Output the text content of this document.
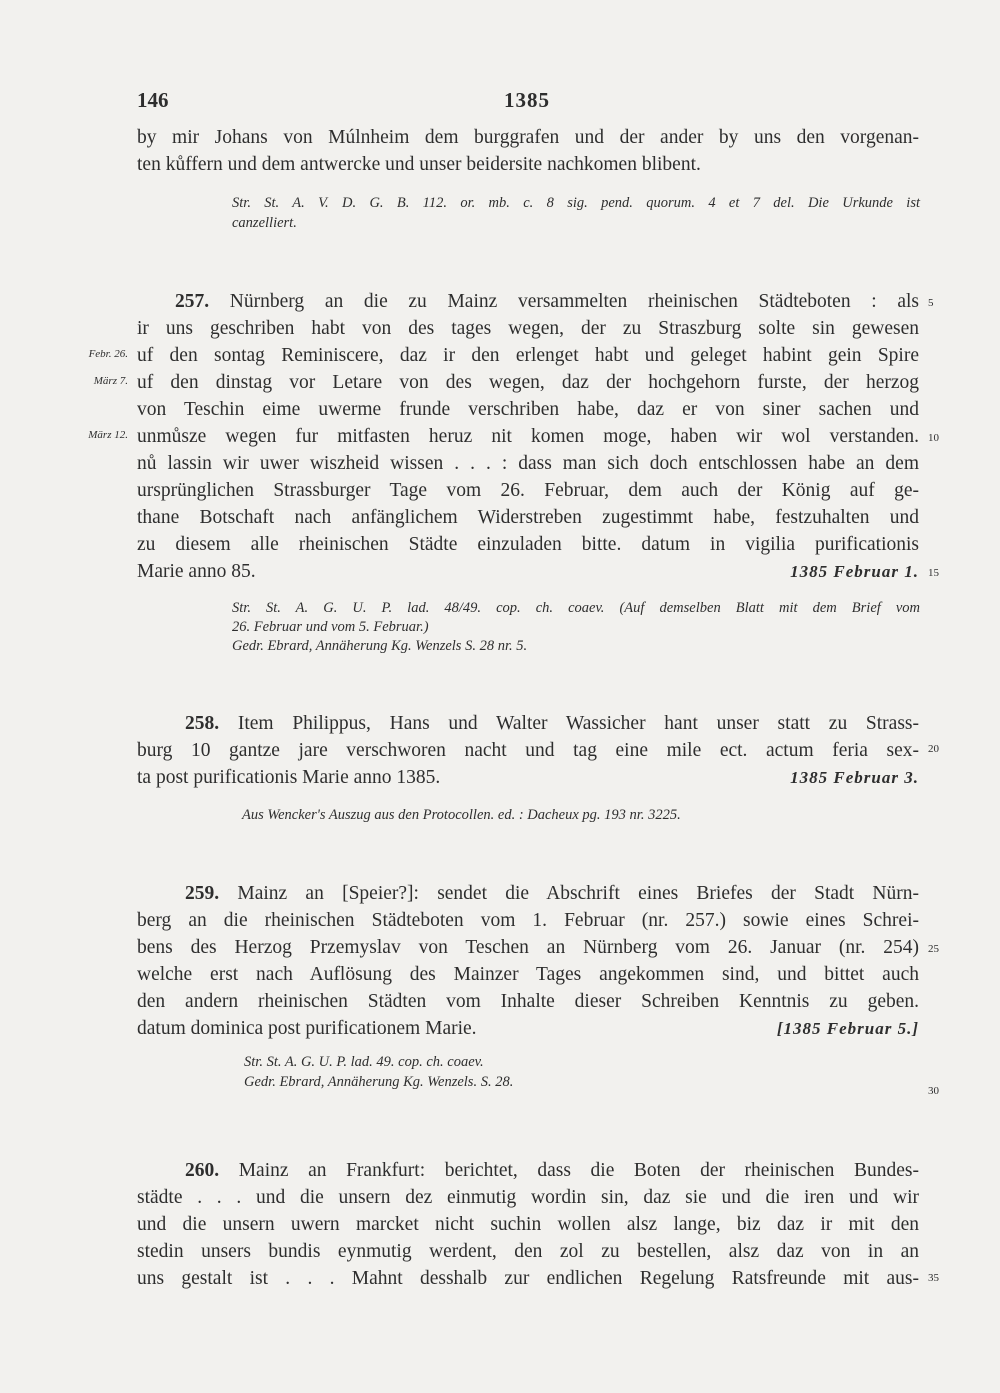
146	1385
by mir Johans von Múlnheim dem burggrafen und der ander by uns den vorgenan-
ten kůffern und dem antwercke und unser beidersite nachkomen blibent.
Str. St. A. V. D. G. B. 112. or. mb. c. 8 sig. pend. quorum. 4 et 7 del. Die Urkunde ist
canzelliert.
257. Nürnberg an die zu Mainz versammelten rheinischen Städteboten : als
ir uns geschriben habt von des tages wegen, der zu Straszburg solte sin gewesen
uf den sontag Reminiscere, daz ir den erlenget habt und geleget habint gein Spire
uf den dinstag vor Letare von des wegen, daz der hochgehorn furste, der herzog
von Teschin eime uwerme frunde verschriben habe, daz er von siner sachen und
unmůsze wegen fur mitfasten heruz nit komen moge, haben wir wol verstanden.
nů lassin wir uwer wiszheid wissen . . . : dass man sich doch entschlossen habe an dem
ursprünglichen Strassburger Tage vom 26. Februar, dem auch der König auf ge-
thane Botschaft nach anfänglichem Widerstreben zugestimmt habe, festzuhalten und
zu diesem alle rheinischen Städte einzuladen bitte. datum in vigilia purificationis
Marie anno 85.	1385 Februar 1.
Str. St. A. G. U. P. lad. 48/49. cop. ch. coaev. (Auf demselben Blatt mit dem Brief vom
26. Februar und vom 5. Februar.)
Gedr. Ebrard, Annäherung Kg. Wenzels S. 28 nr. 5.
Febr. 26.
März 7.
März 12.
258. Item Philippus, Hans und Walter Wassicher hant unser statt zu Strass-
burg 10 gantze jare verschworen nacht und tag eine mile ect. actum feria sex-
ta post purificationis Marie anno 1385.	1385 Februar 3.
Aus Wencker's Auszug aus den Protocollen. ed. : Dacheux pg. 193 nr. 3225.
259. Mainz an [Speier?]: sendet die Abschrift eines Briefes der Stadt Nürn-
berg an die rheinischen Städteboten vom 1. Februar (nr. 257.) sowie eines Schrei-
bens des Herzog Przemyslav von Teschen an Nürnberg vom 26. Januar (nr. 254)
welche erst nach Auflösung des Mainzer Tages angekommen sind, und bittet auch
den andern rheinischen Städten vom Inhalte dieser Schreiben Kenntnis zu geben.
datum dominica post purificationem Marie.	[1385 Februar 5.]
Str. St. A. G. U. P. lad. 49. cop. ch. coaev.
Gedr. Ebrard, Annäherung Kg. Wenzels. S. 28.
260. Mainz an Frankfurt: berichtet, dass die Boten der rheinischen Bundes-
städte . . . und die unsern dez einmutig wordin sin, daz sie und die iren und wir
und die unsern uwern marcket nicht suchin wollen alsz lange, biz daz ir mit den
stedin unsers bundis eynmutig werdent, den zol zu bestellen, alsz daz von in an
uns gestalt ist . . . Mahnt desshalb zur endlichen Regelung Ratsfreunde mit aus-
5
10
15
20
25
30
35
